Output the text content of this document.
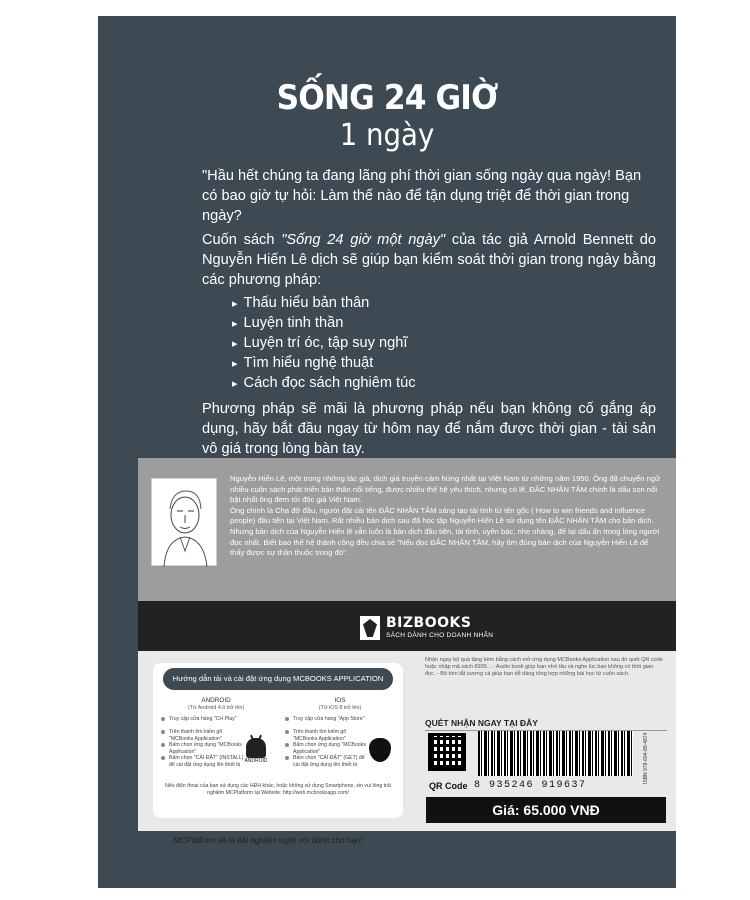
SỐNG 24 GIỜ
1 ngày

"Hầu hết chúng ta đang lãng phí thời gian sống ngày qua ngày! Bạn có bao giờ tự hỏi: Làm thế nào để tận dụng triệt để thời gian trong ngày?

Cuốn sách "Sống 24 giờ một ngày" của tác giả Arnold Bennett do Nguyễn Hiến Lê dịch sẽ giúp bạn kiểm soát thời gian trong ngày bằng các phương pháp:

▸ Thấu hiểu bản thân
▸ Luyện tinh thần
▸ Luyện trí óc, tập suy nghĩ
▸ Tìm hiểu nghệ thuật
▸ Cách đọc sách nghiêm túc

Phương pháp sẽ mãi là phương pháp nếu bạn không cố gắng áp dụng, hãy bắt đầu ngay từ hôm nay để nắm được thời gian - tài sản vô giá trong lòng bàn tay.

Nguyễn Hiến Lê, một trong những tác giả, dịch giả truyền cảm hứng nhất tại Việt Nam từ những năm 1950. Ông đã chuyển ngữ nhiều cuốn sách phát triển bản thân nổi tiếng, được nhiều thế hệ yêu thích, nhưng có lẽ, ĐẮC NHÂN TÂM chính là dấu son nổi bật nhất ông đem tới độc giả Việt Nam.

Ông chính là Cha đỡ đầu, người đặt cái tên ĐẮC NHÂN TÂM sáng tạo tài tình từ tên gốc ( How to win friends and influence people) đầu tiên tại Việt Nam. Rất nhiều bản dịch sau đã học tập Nguyễn Hiến Lê sử dụng tên ĐẮC NHÂN TÂM cho bản dịch. Nhưng bản dịch của Nguyễn Hiến lê vẫn luôn là bản dịch đầu tiên, tài tình, uyên bác, nhẹ nhàng, để lại dấu ấn trong lòng người đọc nhất. Biết bao thế hệ thành công đều chia sẻ "Nếu đọc ĐẮC NHÂN TÂM, hãy tìm đúng bản dịch của Nguyễn Hiến Lê để thấy được sự thân thuộc trong đó".

BIZBOOKS
SÁCH DÀNH CHO DOANH NHÂN
Hướng dẫn tải và cài đặt ứng dụng MCBOOKS APPLICATION
ANDROID
(Từ Android 4.0 trở lên)
Truy cập cửa hàng "CH Play"
Trên thanh tìm kiếm gõ "MCBooks Application"
Bấm chọn ứng dụng "MCBooks Application"
Bấm chọn "CÀI ĐẶT" (INSTALL) để cài đặt ứng dụng lên thiết bị
ANDROID
IOS
(Từ iOS 8 trở lên)
Truy cập cửa hàng "App Store"
Trên thanh tìm kiếm gõ "MCBooks Application"
Bấm chọn ứng dụng "MCBooks Application"
Bấm chọn "CÀI ĐẶT" (GET) để cài đặt ứng dụng lên thiết bị
Nếu điện thoại của bạn sử dụng các HĐH khác, hoặc không sử dụng Smartphone, xin vui lòng trải nghiệm MCPlatform tại Website: http://web.mcbooksapp.com/
Nhận ngay bộ quà tặng kèm bằng cách mở ứng dụng MCBooks Application sau đó quét QR code hoặc nhập mã sách 8935... - Audio book giúp bạn nhớ lâu và nghe lúc bạn không có thời gian đọc. - Bộ tóm tắt sương cá giúp bạn dễ dàng tổng hợp những bài học từ cuốn sách.
QUÉT NHẬN NGAY TẠI ĐÂY
QR Code 8 935246 919637
ISBN 978-604-89-4874
Giá: 65.000 VNĐ
MCPlatform sẽ là trải nghiệm tuyệt vời dành cho bạn!
